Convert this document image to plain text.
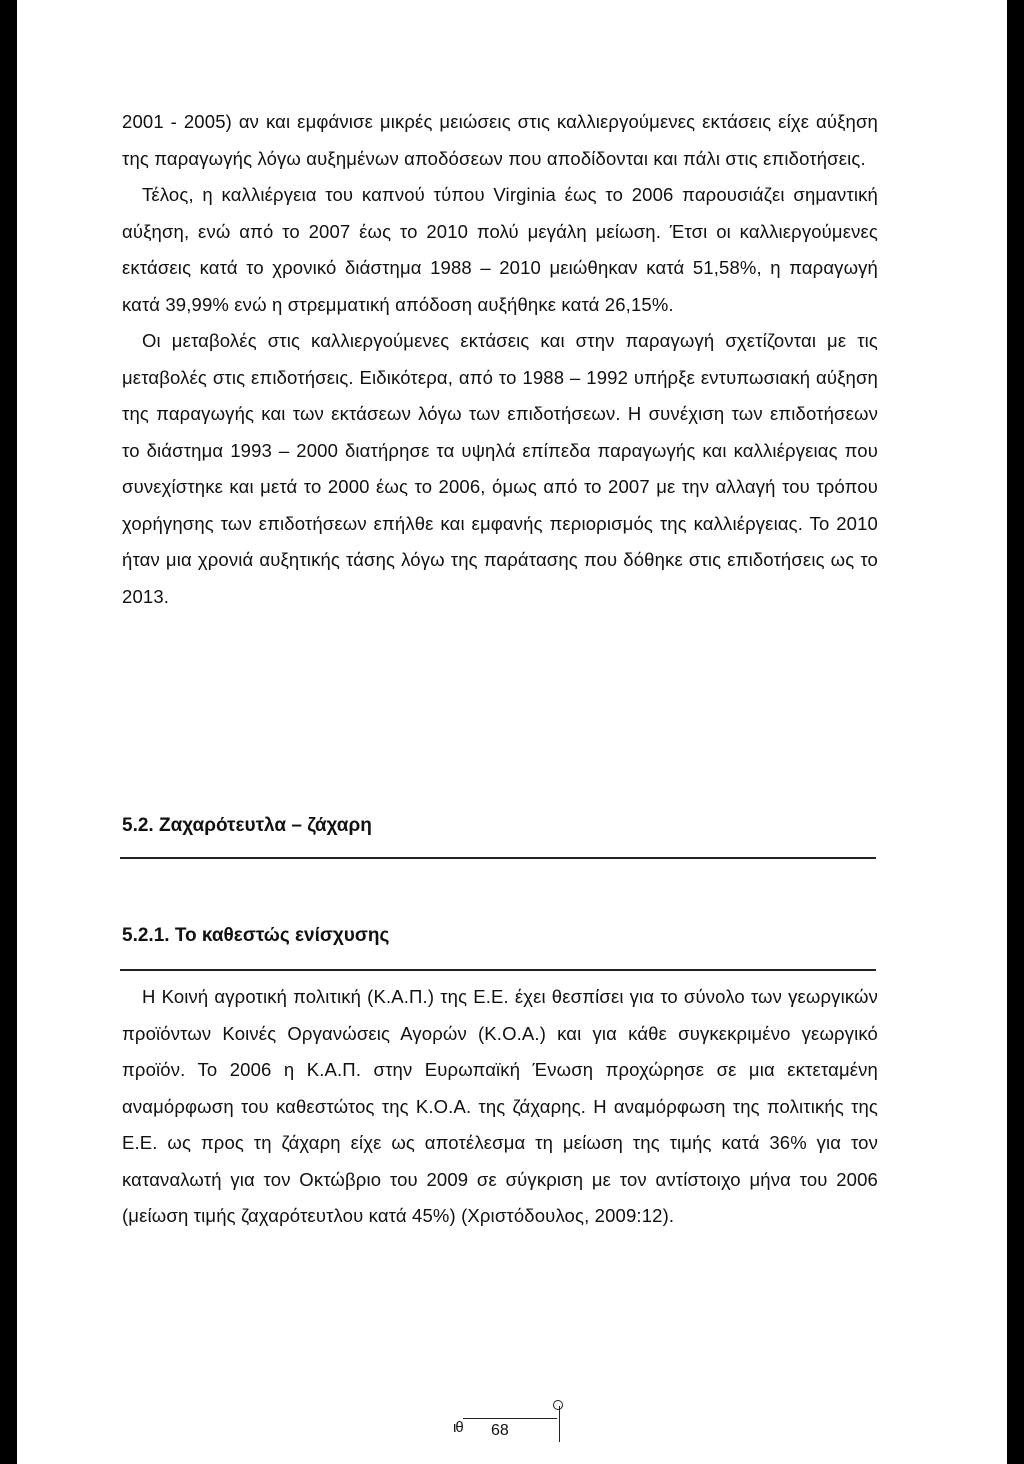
2001 - 2005) αν και εμφάνισε μικρές μειώσεις στις καλλιεργούμενες εκτάσεις είχε αύξηση της παραγωγής λόγω αυξημένων αποδόσεων που αποδίδονται και πάλι στις επιδοτήσεις.

Τέλος, η καλλιέργεια του καπνού τύπου Virginia έως το 2006 παρουσιάζει σημαντική αύξηση, ενώ από το 2007 έως το 2010 πολύ μεγάλη μείωση. Έτσι οι καλλιεργούμενες εκτάσεις κατά το χρονικό διάστημα 1988 – 2010 μειώθηκαν κατά 51,58%, η παραγωγή κατά 39,99% ενώ η στρεμματική απόδοση αυξήθηκε κατά 26,15%.

Οι μεταβολές στις καλλιεργούμενες εκτάσεις και στην παραγωγή σχετίζονται με τις μεταβολές στις επιδοτήσεις. Ειδικότερα, από το 1988 – 1992 υπήρξε εντυπωσιακή αύξηση της παραγωγής και των εκτάσεων λόγω των επιδοτήσεων. Η συνέχιση των επιδοτήσεων το διάστημα 1993 – 2000 διατήρησε τα υψηλά επίπεδα παραγωγής και καλλιέργειας που συνεχίστηκε και μετά το 2000 έως το 2006, όμως από το 2007 με την αλλαγή του τρόπου χορήγησης των επιδοτήσεων επήλθε και εμφανής περιορισμός της καλλιέργειας. Το 2010 ήταν μια χρονιά αυξητικής τάσης λόγω της παράτασης που δόθηκε στις επιδοτήσεις ως το 2013.

5.2. Ζαχαρότευτλα – ζάχαρη
5.2.1. Το καθεστώς ενίσχυσης

Η Κοινή αγροτική πολιτική (Κ.Α.Π.) της Ε.Ε. έχει θεσπίσει για το σύνολο των γεωργικών προϊόντων Κοινές Οργανώσεις Αγορών (Κ.Ο.Α.) και για κάθε συγκεκριμένο γεωργικό προϊόν. Το 2006 η Κ.Α.Π. στην Ευρωπαϊκή Ένωση προχώρησε σε μια εκτεταμένη αναμόρφωση του καθεστώτος της Κ.Ο.Α. της ζάχαρης. Η αναμόρφωση της πολιτικής της Ε.Ε. ως προς τη ζάχαρη είχε ως αποτέλεσμα τη μείωση της τιμής κατά 36% για τον καταναλωτή για τον Οκτώβριο του 2009 σε σύγκριση με τον αντίστοιχο μήνα του 2006 (μείωση τιμής ζαχαρότευτλου κατά 45%) (Χριστόδουλος, 2009:12).

ιθ 68
